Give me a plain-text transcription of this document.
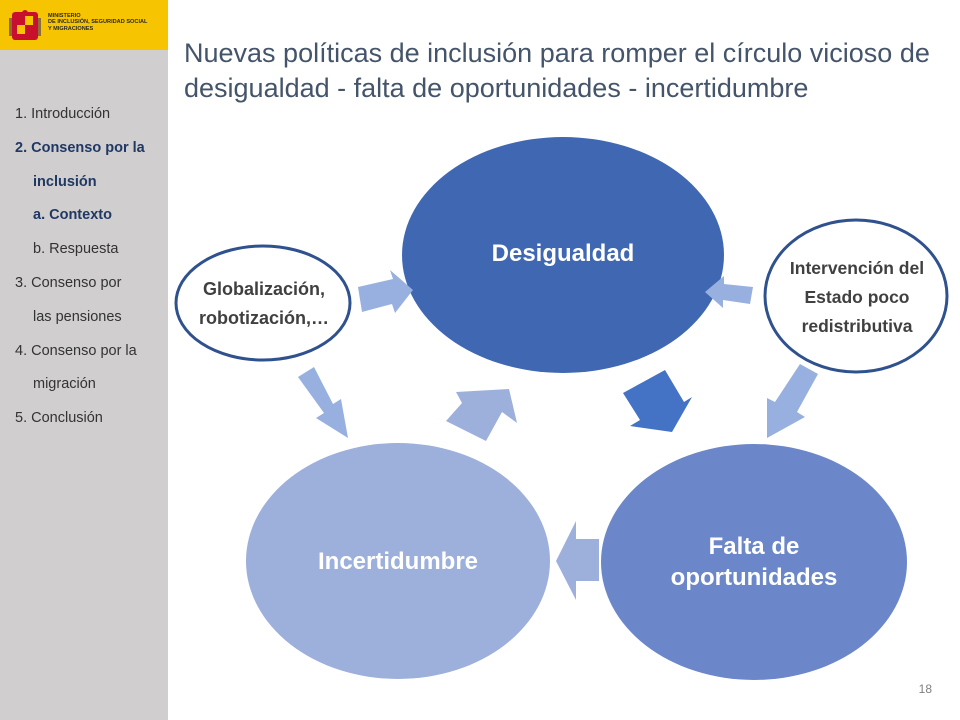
MINISTERIO
DE INCLUSIÓN, SEGURIDAD SOCIAL
Y MIGRACIONES
1. Introducción
2. Consenso por la
inclusión
a. Contexto
b. Respuesta
3. Consenso por
las pensiones
4. Consenso por la
migración
5. Conclusión
Nuevas políticas de inclusión para romper el círculo vicioso de desigualdad - falta de oportunidades - incertidumbre
Desigualdad
Falta de
oportunidades
Incertidumbre
Globalización,
robotización,…
Intervención del
Estado poco
redistributiva
18
